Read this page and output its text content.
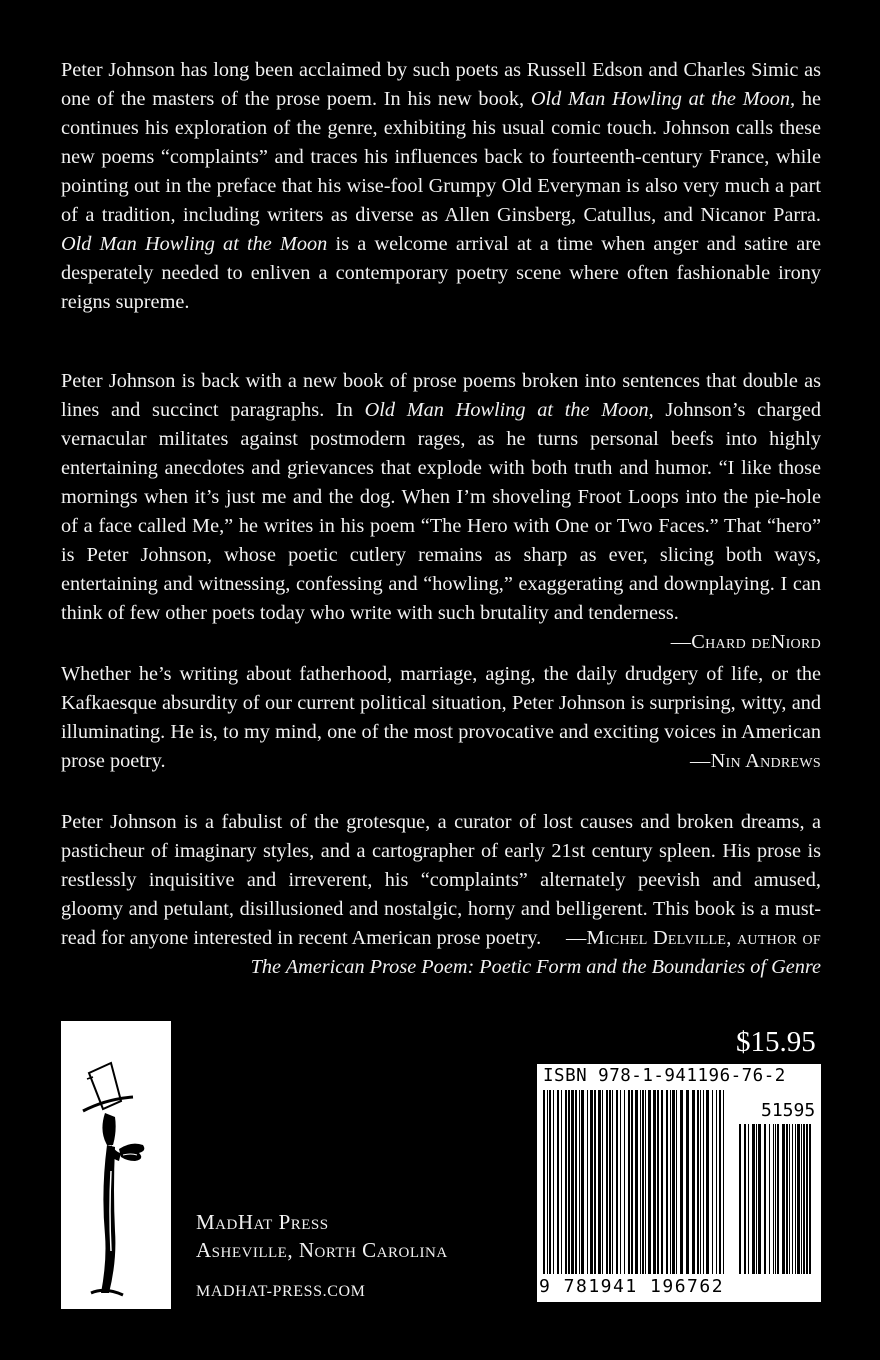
Peter Johnson has long been acclaimed by such poets as Russell Edson and Charles Simic as one of the masters of the prose poem. In his new book, Old Man Howling at the Moon, he continues his exploration of the genre, exhibiting his usual comic touch. Johnson calls these new poems “complaints” and traces his influences back to fourteenth-century France, while pointing out in the preface that his wise-fool Grumpy Old Everyman is also very much a part of a tradition, including writers as diverse as Allen Ginsberg, Catullus, and Nicanor Parra. Old Man Howling at the Moon is a welcome arrival at a time when anger and satire are desperately needed to enliven a contemporary poetry scene where often fashionable irony reigns supreme.

Peter Johnson is back with a new book of prose poems broken into sentences that double as lines and succinct paragraphs. In Old Man Howling at the Moon, Johnson’s charged vernacular militates against postmodern rages, as he turns personal beefs into highly entertaining anecdotes and grievances that explode with both truth and humor. “I like those mornings when it’s just me and the dog. When I’m shoveling Froot Loops into the pie-hole of a face called Me,” he writes in his poem “The Hero with One or Two Faces.” That “hero” is Peter Johnson, whose poetic cutlery remains as sharp as ever, slicing both ways, entertaining and witnessing, confessing and “howling,” exaggerating and downplaying. I can think of few other poets today who write with such brutality and tenderness.
—Chard deNiord

Whether he’s writing about fatherhood, marriage, aging, the daily drudgery of life, or the Kafkaesque absurdity of our current political situation, Peter Johnson is surprising, witty, and illuminating. He is, to my mind, one of the most provocative and exciting voices in American prose poetry.	—Nin Andrews

Peter Johnson is a fabulist of the grotesque, a curator of lost causes and broken dreams, a pasticheur of imaginary styles, and a cartographer of early 21st century spleen. His prose is restlessly inquisitive and irreverent, his “complaints” alternately peevish and amused, gloomy and petulant, disillusioned and nostalgic, horny and belligerent. This book is a must-read for anyone interested in recent American prose poetry. —Michel Delville, author of
The American Prose Poem: Poetic Form and the Boundaries of Genre

MadHat Press
Asheville, North Carolina
MADHAT-PRESS.COM
$15.95
ISBN 978-1-941196-76-2
51595
9 781941 196762
